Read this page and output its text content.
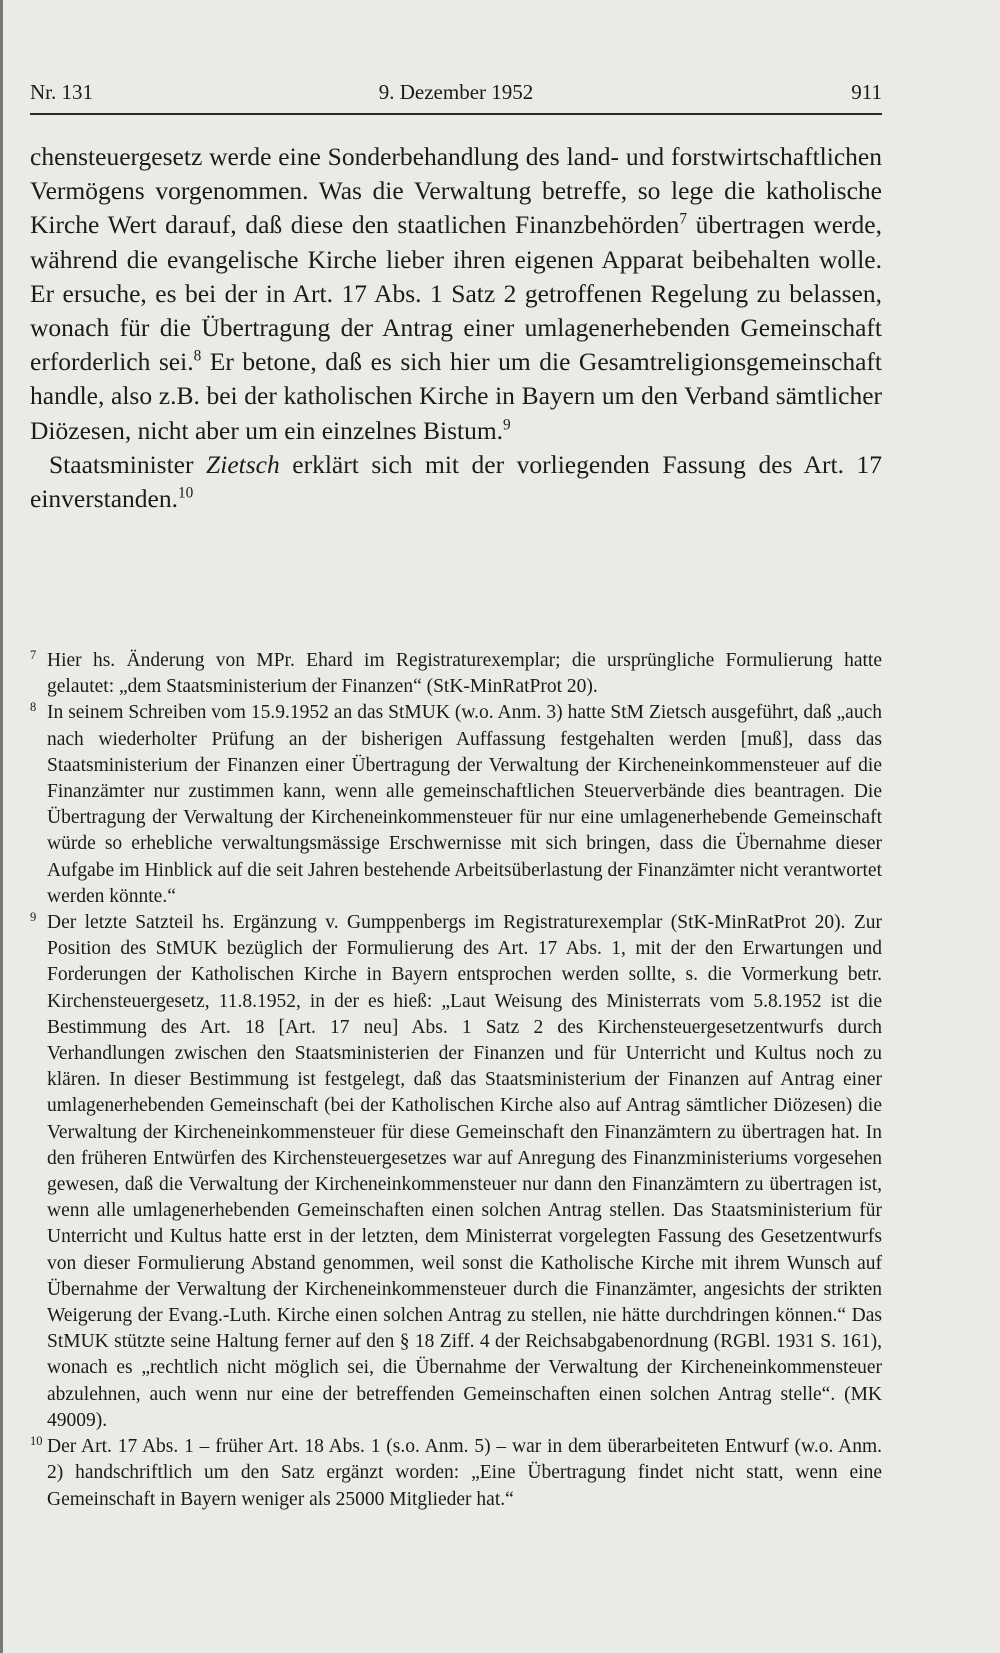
Nr. 131	9. Dezember 1952	911

chensteuergesetz werde eine Sonderbehandlung des land- und forstwirtschaftlichen Vermögens vorgenommen. Was die Verwaltung betreffe, so lege die katholische Kirche Wert darauf, daß diese den staatlichen Finanzbehörden$^7$ übertragen werde, während die evangelische Kirche lieber ihren eigenen Apparat beibehalten wolle. Er ersuche, es bei der in Art. 17 Abs. 1 Satz 2 getroffenen Regelung zu belassen, wonach für die Übertragung der Antrag einer umlagenerhebenden Gemeinschaft erforderlich sei.$^8$ Er betone, daß es sich hier um die Gesamtreligionsgemeinschaft handle, also z.B. bei der katholischen Kirche in Bayern um den Verband sämtlicher Diözesen, nicht aber um ein einzelnes Bistum.$^9$

Staatsminister Zietsch erklärt sich mit der vorliegenden Fassung des Art. 17 einverstanden.$^{10}$

7 Hier hs. Änderung von MPr. Ehard im Registraturexemplar; die ursprüngliche Formulierung hatte gelautet: „dem Staatsministerium der Finanzen“ (StK-MinRatProt 20).

8 In seinem Schreiben vom 15.9.1952 an das StMUK (w.o. Anm. 3) hatte StM Zietsch ausgeführt, daß „auch nach wiederholter Prüfung an der bisherigen Auffassung festgehalten werden [muß], dass das Staatsministerium der Finanzen einer Übertragung der Verwaltung der Kircheneinkommensteuer auf die Finanzämter nur zustimmen kann, wenn alle gemeinschaftlichen Steuerverbände dies beantragen. Die Übertragung der Verwaltung der Kircheneinkommensteuer für nur eine umlagenerhebende Gemeinschaft würde so erhebliche verwaltungsmässige Erschwernisse mit sich bringen, dass die Übernahme dieser Aufgabe im Hinblick auf die seit Jahren bestehende Arbeitsüberlastung der Finanzämter nicht verantwortet werden könnte.“

9 Der letzte Satzteil hs. Ergänzung v. Gumppenbergs im Registraturexemplar (StK-MinRatProt 20). Zur Position des StMUK bezüglich der Formulierung des Art. 17 Abs. 1, mit der den Erwartungen und Forderungen der Katholischen Kirche in Bayern entsprochen werden sollte, s. die Vormerkung betr. Kirchensteuergesetz, 11.8.1952, in der es hieß: „Laut Weisung des Ministerrats vom 5.8.1952 ist die Bestimmung des Art. 18 [Art. 17 neu] Abs. 1 Satz 2 des Kirchensteuergesetzentwurfs durch Verhandlungen zwischen den Staatsministerien der Finanzen und für Unterricht und Kultus noch zu klären. In dieser Bestimmung ist festgelegt, daß das Staatsministerium der Finanzen auf Antrag einer umlagenerhebenden Gemeinschaft (bei der Katholischen Kirche also auf Antrag sämtlicher Diözesen) die Verwaltung der Kircheneinkommensteuer für diese Gemeinschaft den Finanzämtern zu übertragen hat. In den früheren Entwürfen des Kirchensteuergesetzes war auf Anregung des Finanzministeriums vorgesehen gewesen, daß die Verwaltung der Kircheneinkommensteuer nur dann den Finanzämtern zu übertragen ist, wenn alle umlagenerhebenden Gemeinschaften einen solchen Antrag stellen. Das Staatsministerium für Unterricht und Kultus hatte erst in der letzten, dem Ministerrat vorgelegten Fassung des Gesetzentwurfs von dieser Formulierung Abstand genommen, weil sonst die Katholische Kirche mit ihrem Wunsch auf Übernahme der Verwaltung der Kircheneinkommensteuer durch die Finanzämter, angesichts der strikten Weigerung der Evang.-Luth. Kirche einen solchen Antrag zu stellen, nie hätte durchdringen können.“ Das StMUK stützte seine Haltung ferner auf den § 18 Ziff. 4 der Reichsabgabenordnung (RGBl. 1931 S. 161), wonach es „rechtlich nicht möglich sei, die Übernahme der Verwaltung der Kircheneinkommensteuer abzulehnen, auch wenn nur eine der betreffenden Gemeinschaften einen solchen Antrag stelle“. (MK 49009).

10 Der Art. 17 Abs. 1 – früher Art. 18 Abs. 1 (s.o. Anm. 5) – war in dem überarbeiteten Entwurf (w.o. Anm. 2) handschriftlich um den Satz ergänzt worden: „Eine Übertragung findet nicht statt, wenn eine Gemeinschaft in Bayern weniger als 25000 Mitglieder hat.“
